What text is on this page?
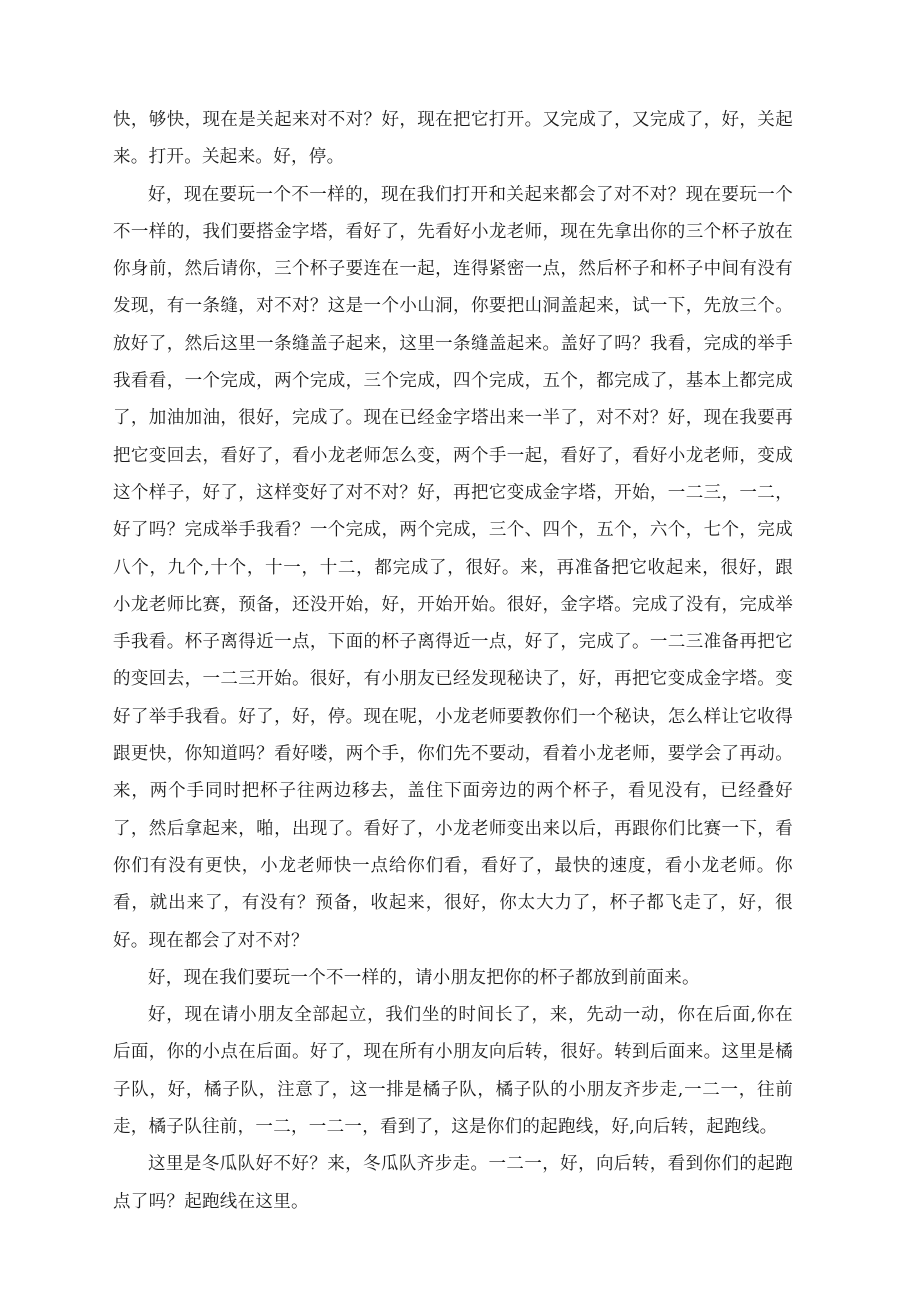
快，够快，现在是关起来对不对？好，现在把它打开。又完成了，又完成了，好，关起来。打开。关起来。好，停。

好，现在要玩一个不一样的，现在我们打开和关起来都会了对不对？现在要玩一个不一样的，我们要搭金字塔，看好了，先看好小龙老师，现在先拿出你的三个杯子放在你身前，然后请你，三个杯子要连在一起，连得紧密一点，然后杯子和杯子中间有没有发现，有一条缝，对不对？这是一个小山洞，你要把山洞盖起来，试一下，先放三个。放好了，然后这里一条缝盖子起来，这里一条缝盖起来。盖好了吗？我看，完成的举手我看看，一个完成，两个完成，三个完成，四个完成，五个，都完成了，基本上都完成了，加油加油，很好，完成了。现在已经金字塔出来一半了，对不对？好，现在我要再把它变回去，看好了，看小龙老师怎么变，两个手一起，看好了，看好小龙老师，变成这个样子，好了，这样变好了对不对？好，再把它变成金字塔，开始，一二三，一二，好了吗？完成举手我看？一个完成，两个完成，三个、四个，五个，六个，七个，完成八个，九个,十个，十一，十二，都完成了，很好。来，再准备把它收起来，很好，跟小龙老师比赛，预备，还没开始，好，开始开始。很好，金字塔。完成了没有，完成举手我看。杯子离得近一点，下面的杯子离得近一点，好了，完成了。一二三准备再把它的变回去，一二三开始。很好，有小朋友已经发现秘诀了，好，再把它变成金字塔。变好了举手我看。好了，好，停。现在呢，小龙老师要教你们一个秘诀，怎么样让它收得跟更快，你知道吗？看好喽，两个手，你们先不要动，看着小龙老师，要学会了再动。来，两个手同时把杯子往两边移去，盖住下面旁边的两个杯子，看见没有，已经叠好了，然后拿起来，啪，出现了。看好了，小龙老师变出来以后，再跟你们比赛一下，看你们有没有更快，小龙老师快一点给你们看，看好了，最快的速度，看小龙老师。你看，就出来了，有没有？预备，收起来，很好，你太大力了，杯子都飞走了，好，很好。现在都会了对不对？

好，现在我们要玩一个不一样的，请小朋友把你的杯子都放到前面来。

好，现在请小朋友全部起立，我们坐的时间长了，来，先动一动，你在后面,你在后面，你的小点在后面。好了，现在所有小朋友向后转，很好。转到后面来。这里是橘子队，好，橘子队，注意了，这一排是橘子队，橘子队的小朋友齐步走,一二一，往前走，橘子队往前，一二，一二一，看到了，这是你们的起跑线，好,向后转，起跑线。

这里是冬瓜队好不好？来，冬瓜队齐步走。一二一，好，向后转，看到你们的起跑点了吗？起跑线在这里。
